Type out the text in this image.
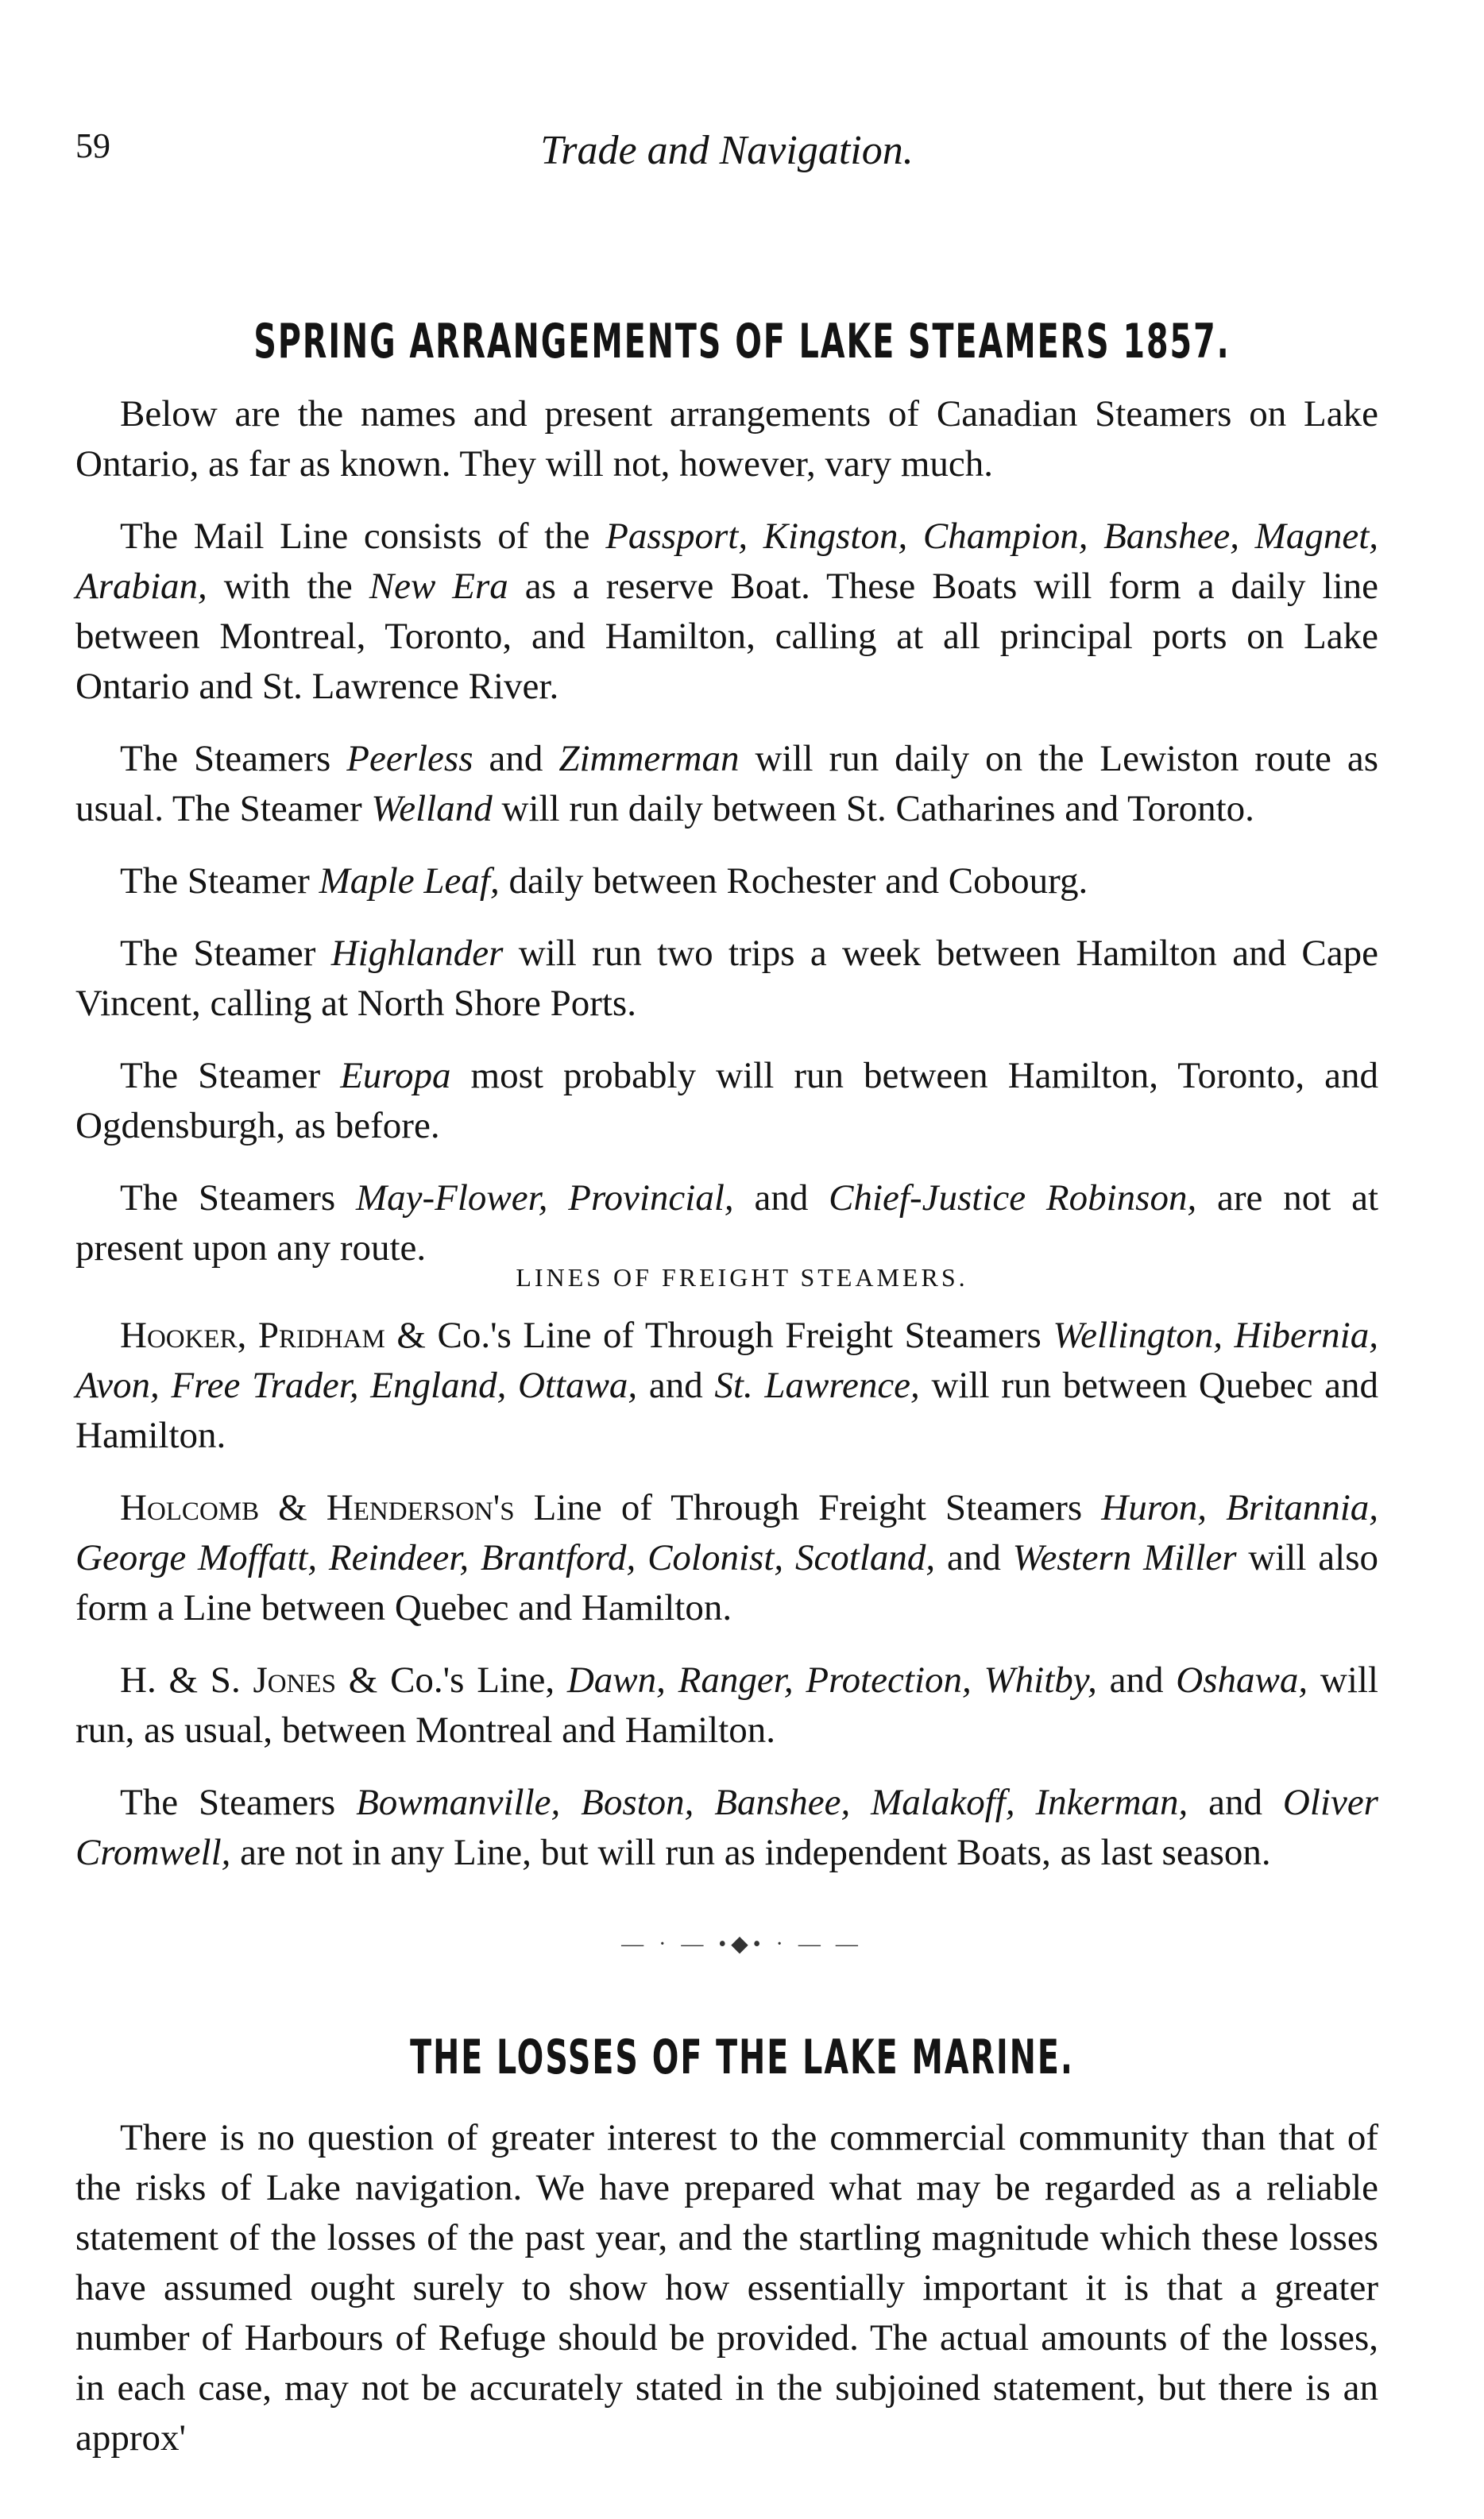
59	Trade and Navigation.
SPRING ARRANGEMENTS OF LAKE STEAMERS 1857.

Below are the names and present arrangements of Canadian Steamers on Lake Ontario, as far as known. They will not, however, vary much.

The Mail Line consists of the Passport, Kingston, Champion, Banshee, Magnet, Arabian, with the New Era as a reserve Boat. These Boats will form a daily line between Montreal, Toronto, and Hamilton, calling at all principal ports on Lake Ontario and St. Lawrence River.

The Steamers Peerless and Zimmerman will run daily on the Lewiston route as usual. The Steamer Welland will run daily between St. Catharines and Toronto.

The Steamer Maple Leaf, daily between Rochester and Cobourg.

The Steamer Highlander will run two trips a week between Hamilton and Cape Vincent, calling at North Shore Ports.

The Steamer Europa most probably will run between Hamilton, Toronto, and Ogdensburgh, as before.

The Steamers May-Flower, Provincial, and Chief-Justice Robinson, are not at present upon any route.

LINES OF FREIGHT STEAMERS.

Hooker, Pridham & Co.'s Line of Through Freight Steamers Wellington, Hibernia, Avon, Free Trader, England, Ottawa, and St. Lawrence, will run between Quebec and Hamilton.

Holcomb & Henderson's Line of Through Freight Steamers Huron, Britannia, George Moffatt, Reindeer, Brantford, Colonist, Scotland, and Western Miller will also form a Line between Quebec and Hamilton.

H. & S. Jones & Co.'s Line, Dawn, Ranger, Protection, Whitby, and Oshawa, will run, as usual, between Montreal and Hamilton.

The Steamers Bowmanville, Boston, Banshee, Malakoff, Inkerman, and Oliver Cromwell, are not in any Line, but will run as independent Boats, as last season.

— · — •◆• · — —
THE LOSSES OF THE LAKE MARINE.

There is no question of greater interest to the commercial community than that of the risks of Lake navigation. We have prepared what may be regarded as a reliable statement of the losses of the past year, and the startling magnitude which these losses have assumed ought surely to show how essentially important it is that a greater number of Harbours of Refuge should be provided. The actual amounts of the losses, in each case, may not be accurately stated in the subjoined statement, but there is an approx'
